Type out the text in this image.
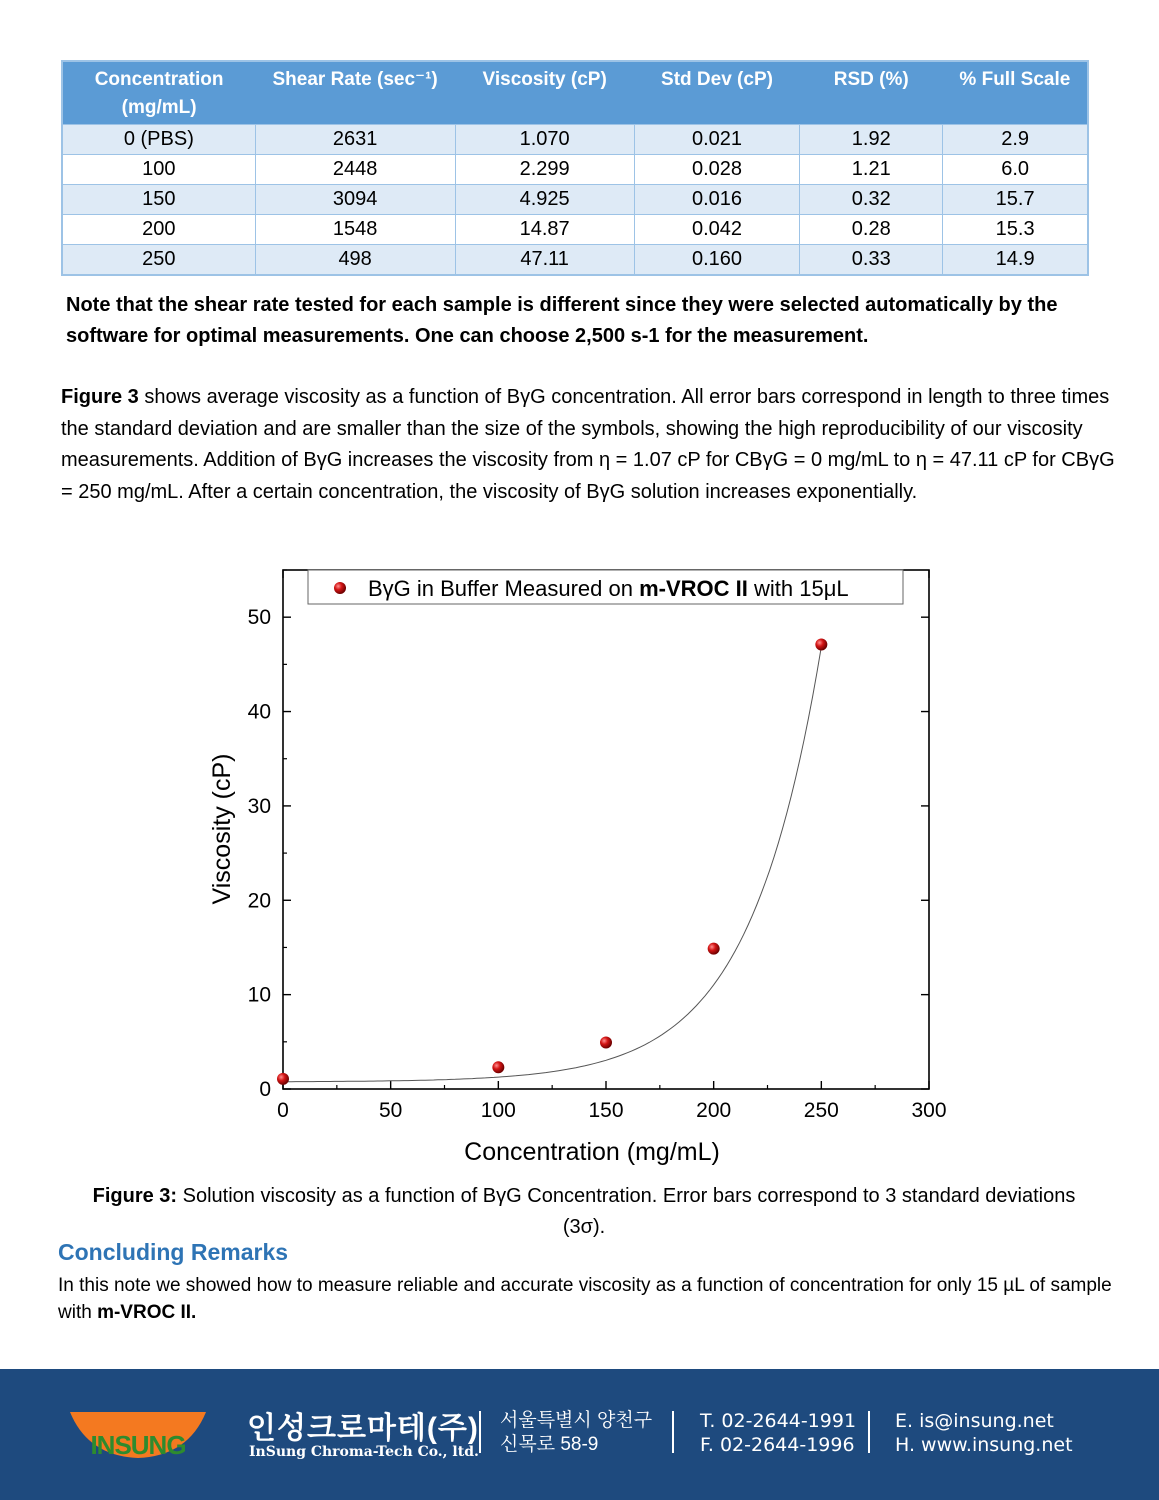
Concentration (mg/mL)	Shear Rate (sec⁻¹)	Viscosity (cP)	Std Dev (cP)	RSD (%)	% Full Scale
0 (PBS)	2631	1.070	0.021	1.92	2.9
100	2448	2.299	0.028	1.21	6.0
150	3094	4.925	0.016	0.32	15.7
200	1548	14.87	0.042	0.28	15.3
250	498	47.11	0.160	0.33	14.9
Note that the shear rate tested for each sample is different since they were selected automatically by the software for optimal measurements. One can choose 2,500 s-1 for the measurement.
Figure 3 shows average viscosity as a function of BγG concentration. All error bars correspond in length to three times the standard deviation and are smaller than the size of the symbols, showing the high reproducibility of our viscosity measurements. Addition of BγG increases the viscosity from η = 1.07 cP for CBγG = 0 mg/mL to η = 47.11 cP for CBγG = 250 mg/mL. After a certain concentration, the viscosity of BγG solution increases exponentially.
0	50	100	150	200	250	300
0
10
20
30
40
50
BγG in Buffer Measured on m-VROC II with 15μL
Concentration (mg/mL)
Viscosity (cP)
Figure 3: Solution viscosity as a function of BγG Concentration. Error bars correspond to 3 standard deviations (3σ).
Concluding Remarks
In this note we showed how to measure reliable and accurate viscosity as a function of concentration for only 15 µL of sample with m-VROC II.
INSUNG 인성크로마테(주)
InSung Chroma-Tech Co., ltd.
서울특별시 양천구
신목로 58-9
T. 02-2644-1991
F. 02-2644-1996
E. is@insung.net
H. www.insung.net
